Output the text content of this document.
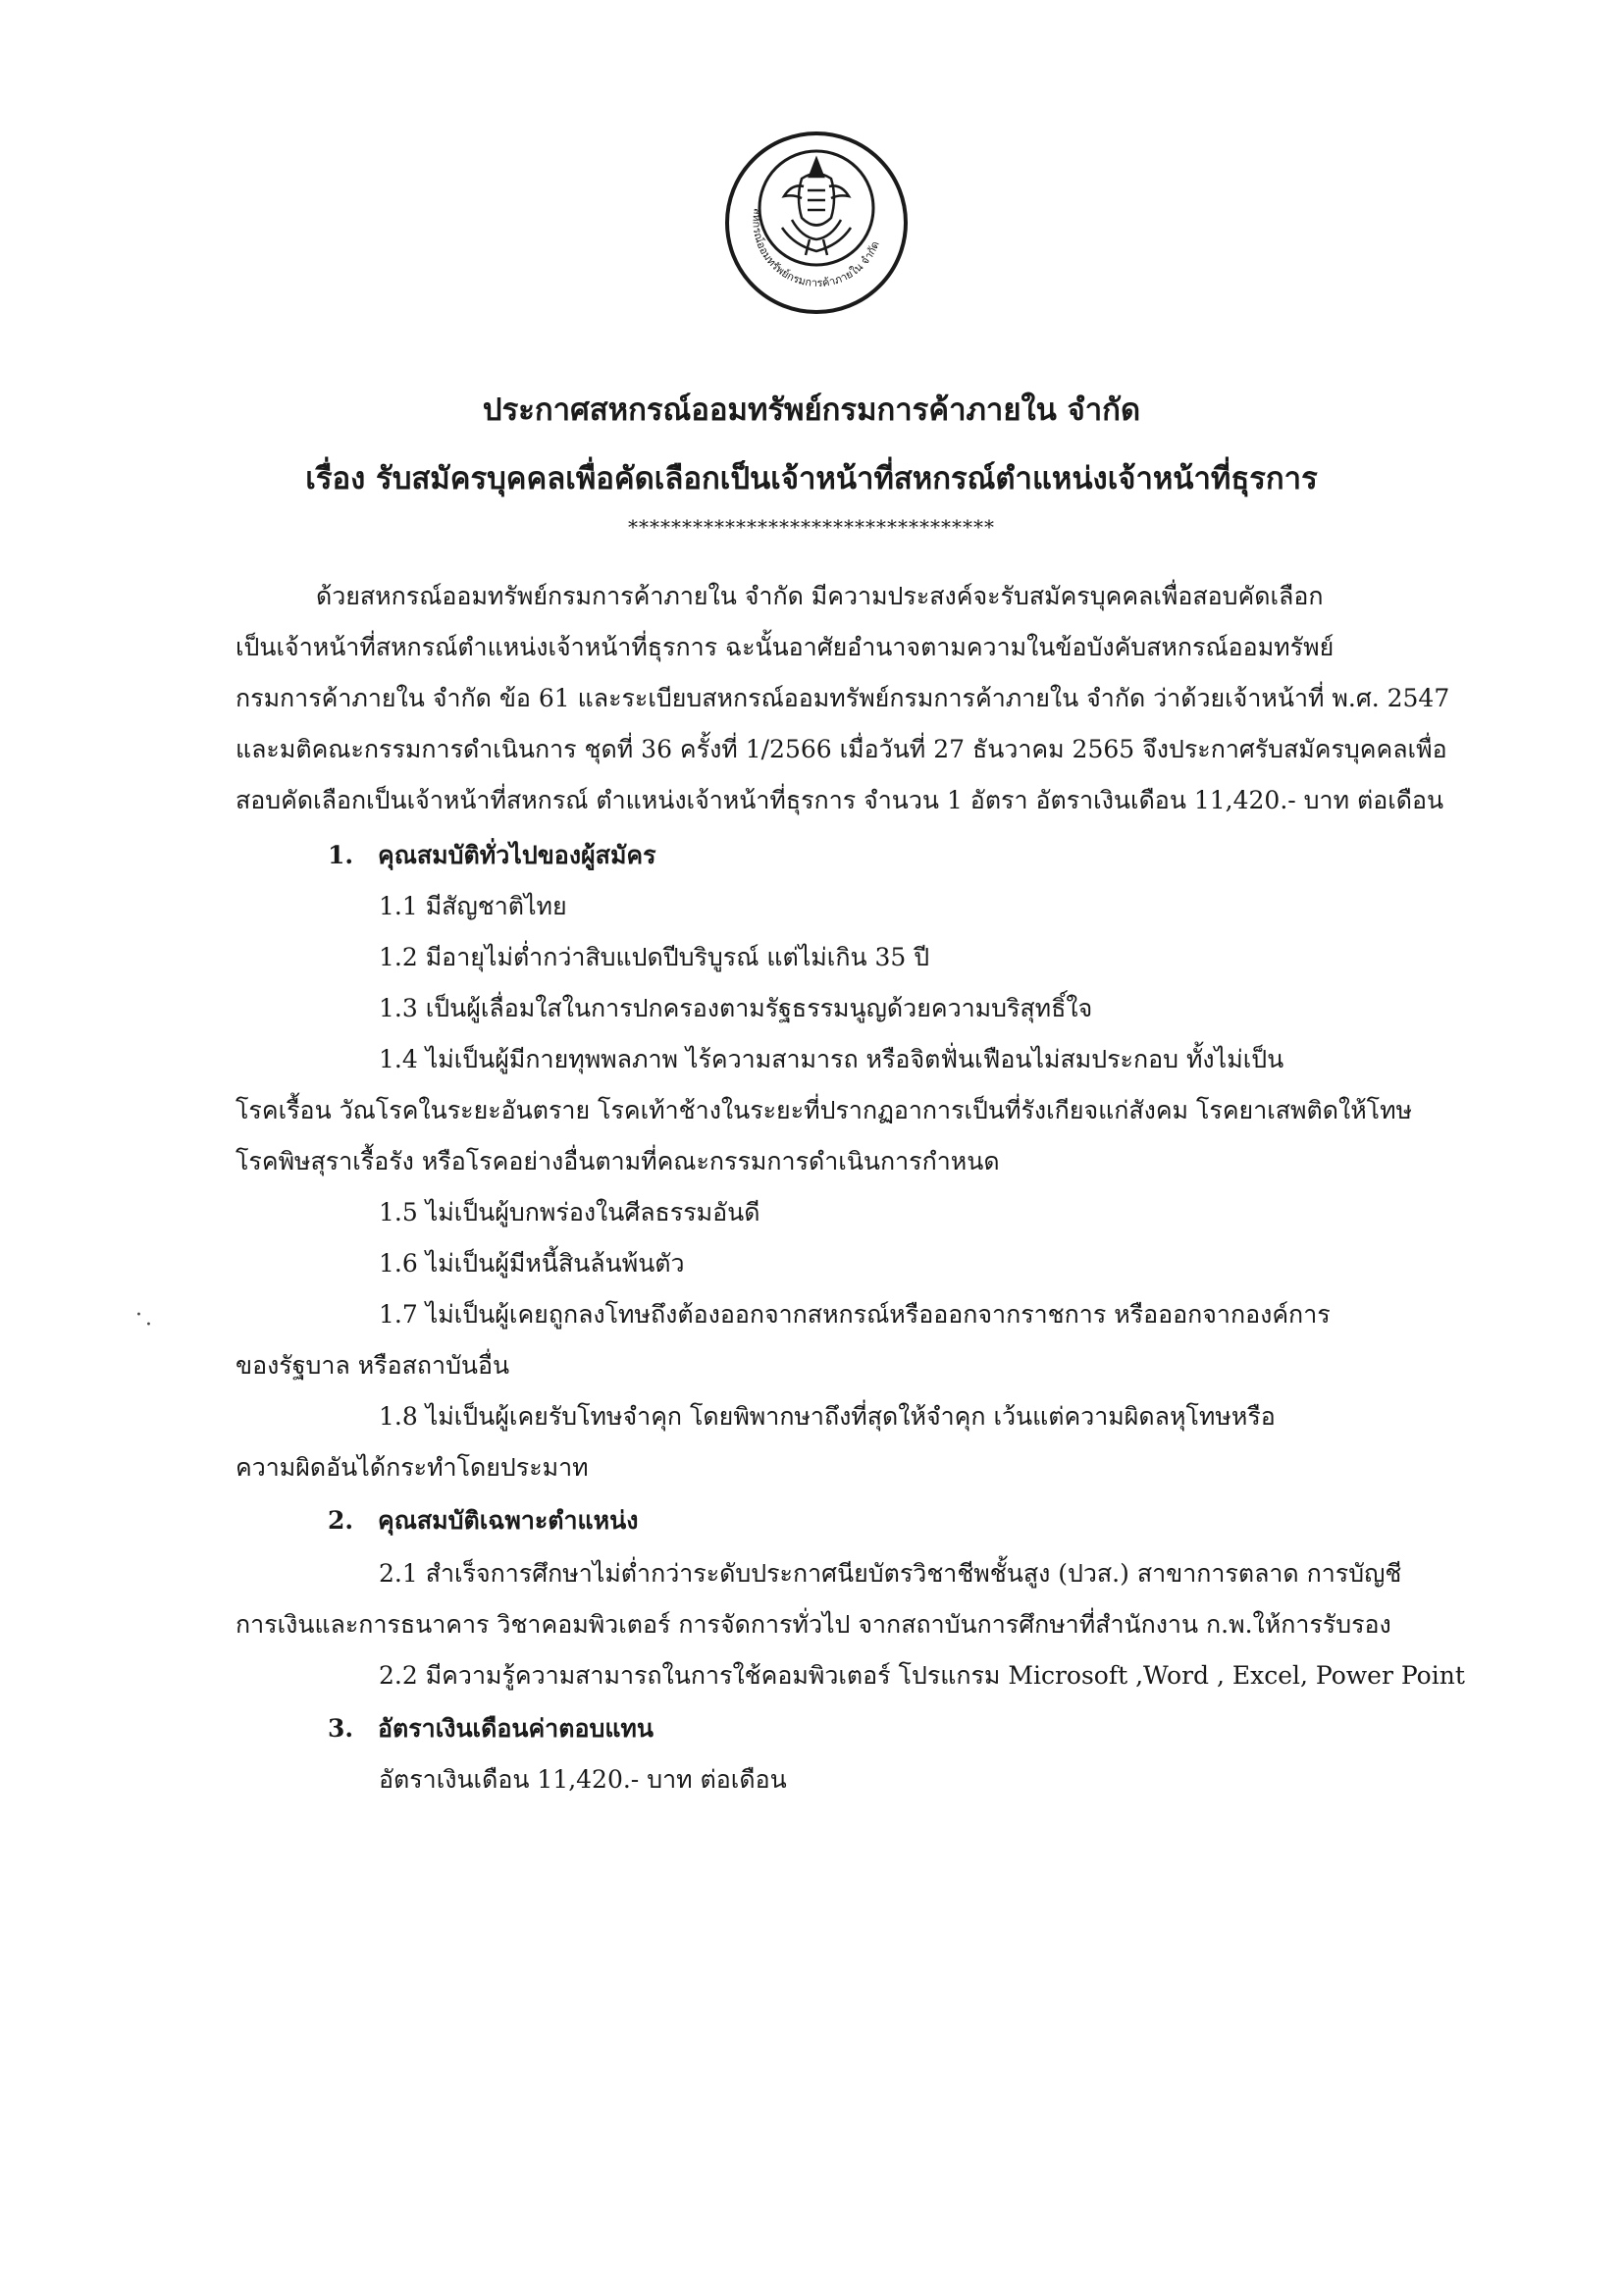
สหกรณ์ออมทรัพย์กรมการค้าภายใน จำกัด
ประกาศสหกรณ์ออมทรัพย์กรมการค้าภายใน จำกัด
เรื่อง รับสมัครบุคคลเพื่อคัดเลือกเป็นเจ้าหน้าที่สหกรณ์ตำแหน่งเจ้าหน้าที่ธุรการ
**********************************
ด้วยสหกรณ์ออมทรัพย์กรมการค้าภายใน จำกัด มีความประสงค์จะรับสมัครบุคคลเพื่อสอบคัดเลือก
เป็นเจ้าหน้าที่สหกรณ์ตำแหน่งเจ้าหน้าที่ธุรการ ฉะนั้นอาศัยอำนาจตามความในข้อบังคับสหกรณ์ออมทรัพย์
กรมการค้าภายใน จำกัด ข้อ 61 และระเบียบสหกรณ์ออมทรัพย์กรมการค้าภายใน จำกัด ว่าด้วยเจ้าหน้าที่ พ.ศ. 2547
และมติคณะกรรมการดำเนินการ ชุดที่ 36 ครั้งที่ 1/2566 เมื่อวันที่ 27 ธันวาคม 2565 จึงประกาศรับสมัครบุคคลเพื่อ
สอบคัดเลือกเป็นเจ้าหน้าที่สหกรณ์ ตำแหน่งเจ้าหน้าที่ธุรการ จำนวน 1 อัตรา อัตราเงินเดือน 11,420.- บาท ต่อเดือน
1. คุณสมบัติทั่วไปของผู้สมัคร
1.1 มีสัญชาติไทย
1.2 มีอายุไม่ต่ำกว่าสิบแปดปีบริบูรณ์ แต่ไม่เกิน 35 ปี
1.3 เป็นผู้เลื่อมใสในการปกครองตามรัฐธรรมนูญด้วยความบริสุทธิ์ใจ
1.4 ไม่เป็นผู้มีกายทุพพลภาพ ไร้ความสามารถ หรือจิตฟั่นเฟือนไม่สมประกอบ ทั้งไม่เป็น
โรคเรื้อน วัณโรคในระยะอันตราย โรคเท้าช้างในระยะที่ปรากฏอาการเป็นที่รังเกียจแก่สังคม โรคยาเสพติดให้โทษ
โรคพิษสุราเรื้อรัง หรือโรคอย่างอื่นตามที่คณะกรรมการดำเนินการกำหนด
1.5 ไม่เป็นผู้บกพร่องในศีลธรรมอันดี
1.6 ไม่เป็นผู้มีหนี้สินล้นพ้นตัว
1.7 ไม่เป็นผู้เคยถูกลงโทษถึงต้องออกจากสหกรณ์หรือออกจากราชการ หรือออกจากองค์การ
ของรัฐบาล หรือสถาบันอื่น
1.8 ไม่เป็นผู้เคยรับโทษจำคุก โดยพิพากษาถึงที่สุดให้จำคุก เว้นแต่ความผิดลหุโทษหรือ
ความผิดอันได้กระทำโดยประมาท
2. คุณสมบัติเฉพาะตำแหน่ง
2.1 สำเร็จการศึกษาไม่ต่ำกว่าระดับประกาศนียบัตรวิชาชีพชั้นสูง (ปวส.) สาขาการตลาด การบัญชี
การเงินและการธนาคาร วิชาคอมพิวเตอร์ การจัดการทั่วไป จากสถาบันการศึกษาที่สำนักงาน ก.พ.ให้การรับรอง
2.2 มีความรู้ความสามารถในการใช้คอมพิวเตอร์ โปรแกรม Microsoft ,Word , Excel, Power Point
3. อัตราเงินเดือนค่าตอบแทน
อัตราเงินเดือน 11,420.- บาท ต่อเดือน
· ·
